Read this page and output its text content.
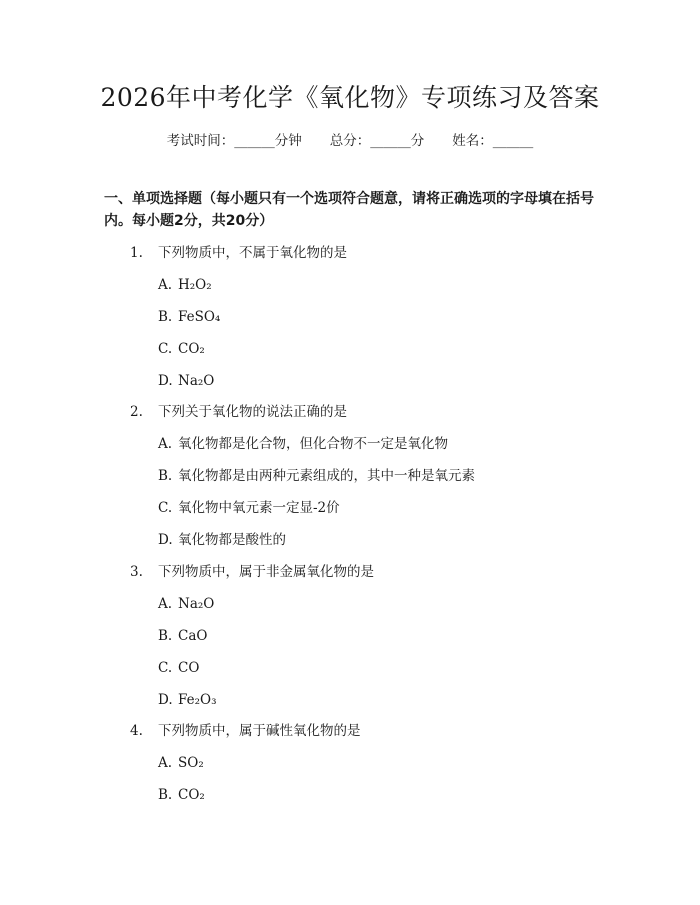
2026年中考化学《氧化物》专项练习及答案
考试时间：______分钟 总分：______分 姓名：______
一、单项选择题（每小题只有一个选项符合题意，请将正确选项的字母填在括号内。每小题2分，共20分）
1. 下列物质中，不属于氧化物的是
A. H₂O₂
B. FeSO₄
C. CO₂
D. Na₂O
2. 下列关于氧化物的说法正确的是
A. 氧化物都是化合物，但化合物不一定是氧化物
B. 氧化物都是由两种元素组成的，其中一种是氧元素
C. 氧化物中氧元素一定显-2价
D. 氧化物都是酸性的
3. 下列物质中，属于非金属氧化物的是
A. Na₂O
B. CaO
C. CO
D. Fe₂O₃
4. 下列物质中，属于碱性氧化物的是
A. SO₂
B. CO₂
